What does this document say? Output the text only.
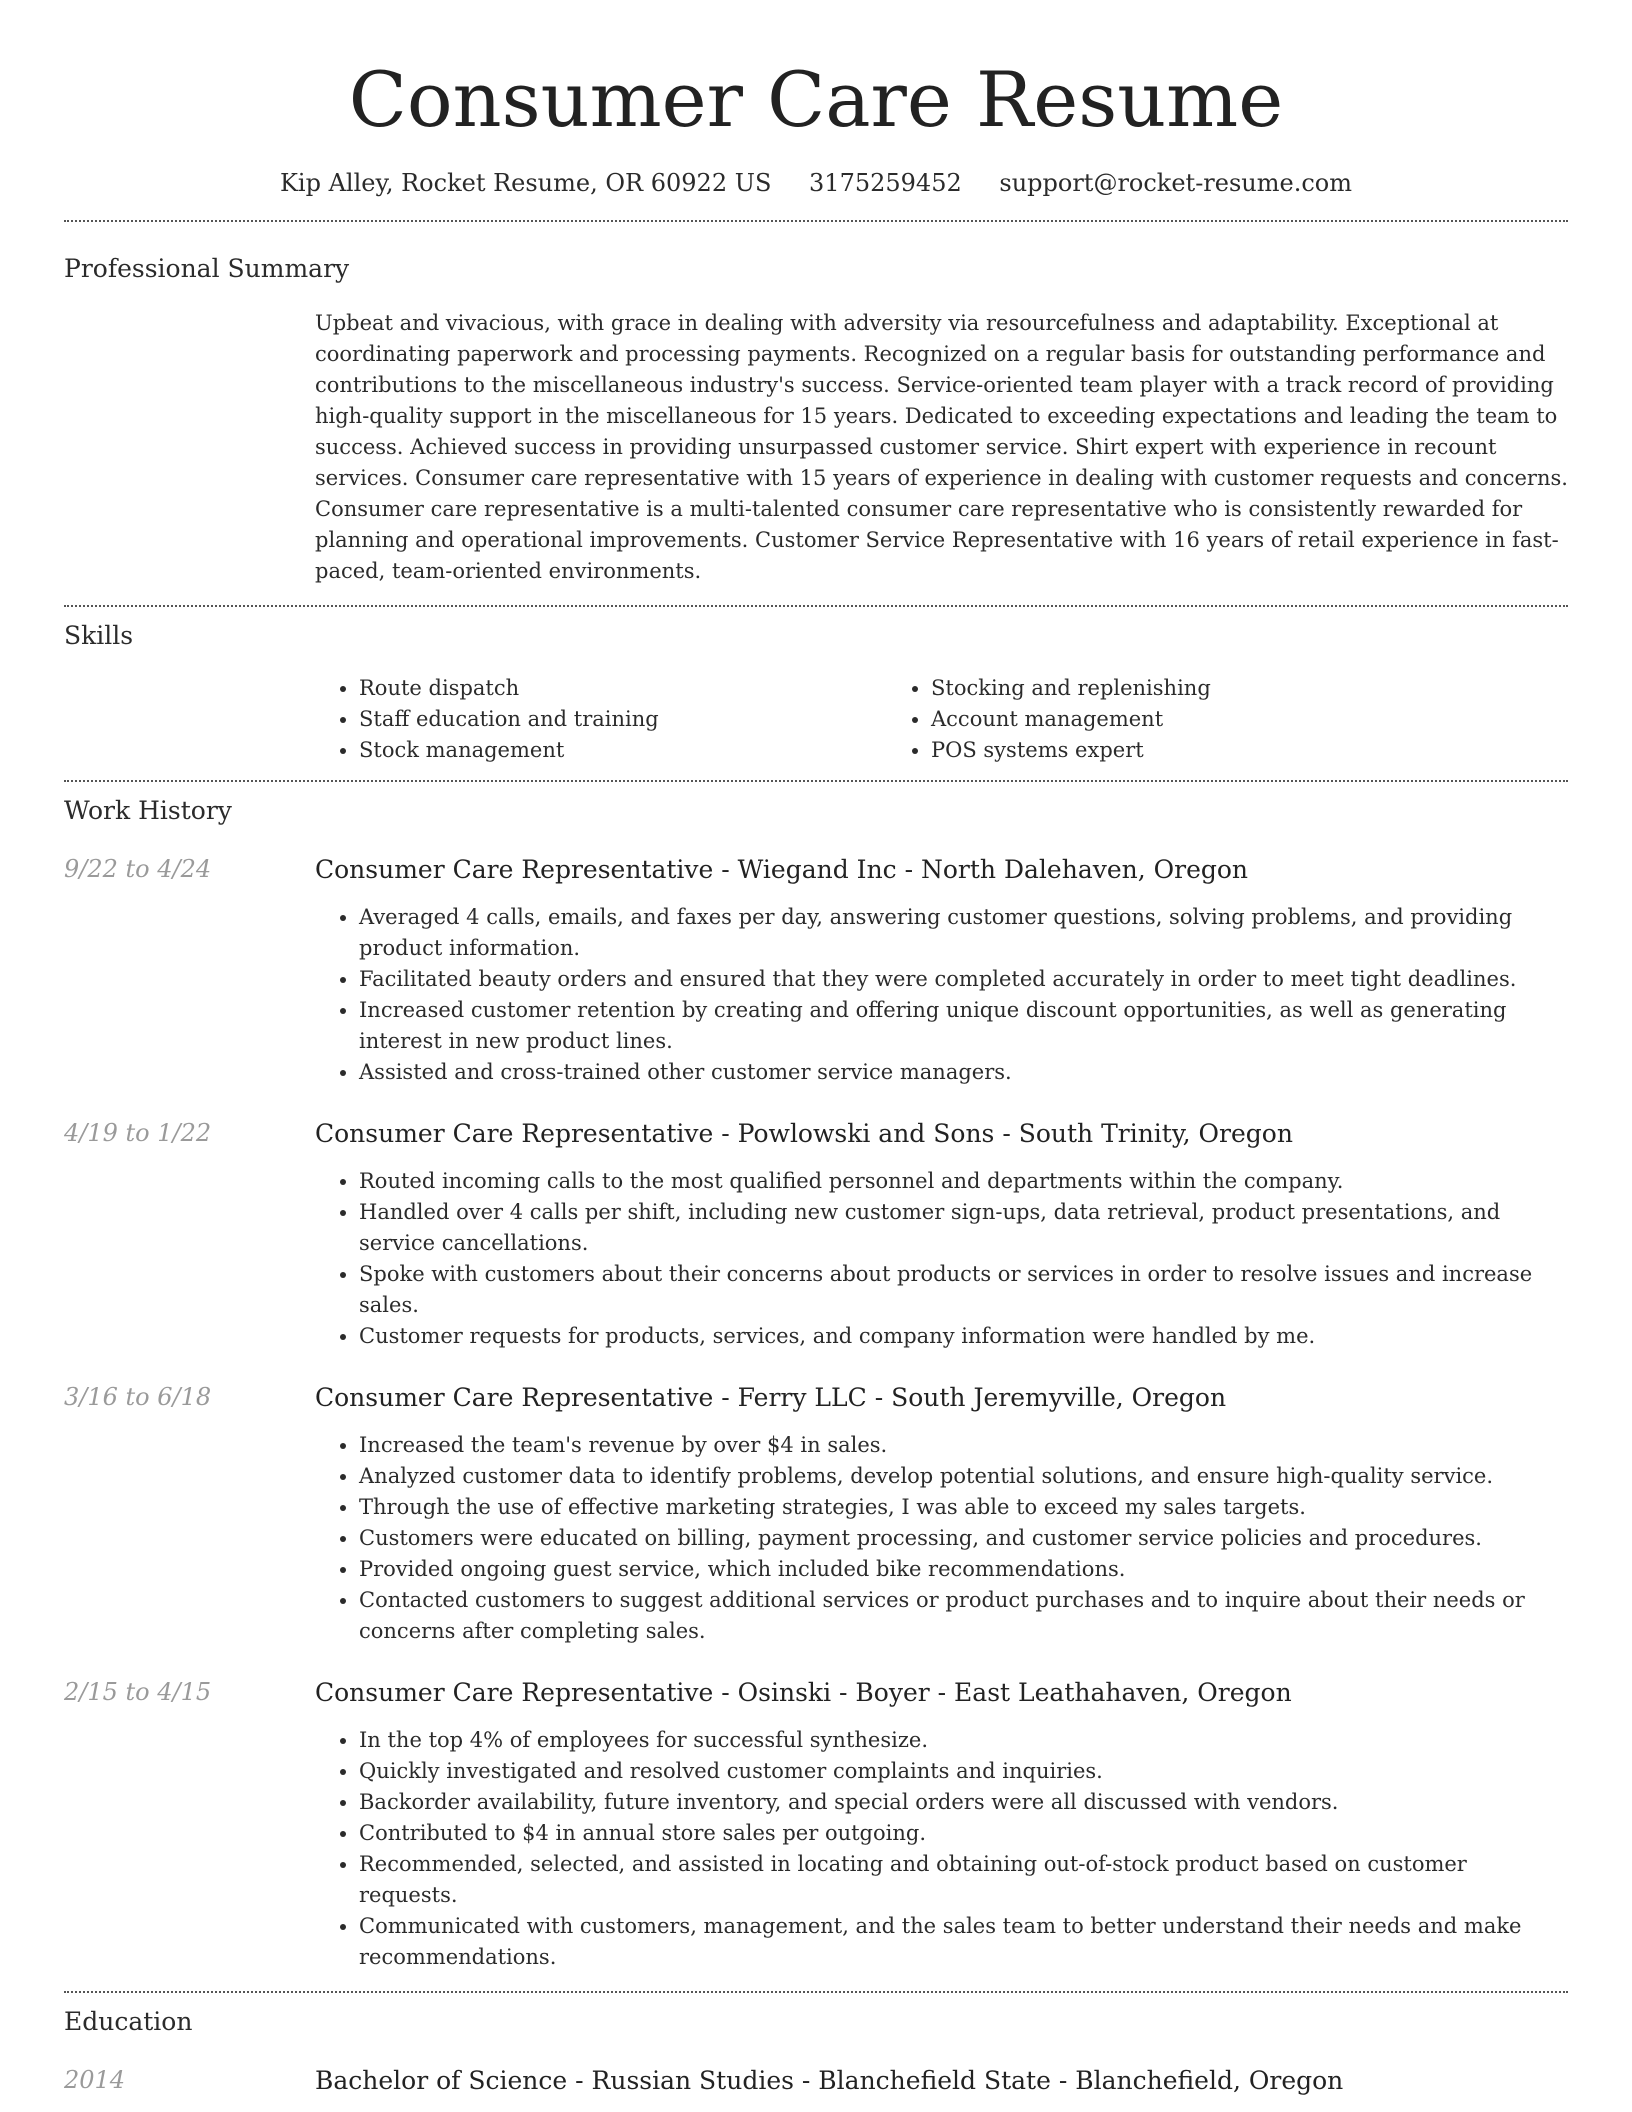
Consumer Care Resume
Kip Alley, Rocket Resume, OR 60922 US 3175259452 support@rocket-resume.com
Professional Summary

Upbeat and vivacious, with grace in dealing with adversity via resourcefulness and adaptability. Exceptional at coordinating paperwork and processing payments. Recognized on a regular basis for outstanding performance and contributions to the miscellaneous industry's success. Service-oriented team player with a track record of providing high-quality support in the miscellaneous for 15 years. Dedicated to exceeding expectations and leading the team to success. Achieved success in providing unsurpassed customer service. Shirt expert with experience in recount services. Consumer care representative with 15 years of experience in dealing with customer requests and concerns. Consumer care representative is a multi-talented consumer care representative who is consistently rewarded for planning and operational improvements. Customer Service Representative with 16 years of retail experience in fast-paced, team-oriented environments.

Skills
• Route dispatch
• Staff education and training
• Stock management
• Stocking and replenishing
• Account management
• POS systems expert
Work History
9/22 to 4/24	Consumer Care Representative - Wiegand Inc - North Dalehaven, Oregon
• Averaged 4 calls, emails, and faxes per day, answering customer questions, solving problems, and providing product information.
• Facilitated beauty orders and ensured that they were completed accurately in order to meet tight deadlines.
• Increased customer retention by creating and offering unique discount opportunities, as well as generating interest in new product lines.
• Assisted and cross-trained other customer service managers.
4/19 to 1/22	Consumer Care Representative - Powlowski and Sons - South Trinity, Oregon
• Routed incoming calls to the most qualified personnel and departments within the company.
• Handled over 4 calls per shift, including new customer sign-ups, data retrieval, product presentations, and service cancellations.
• Spoke with customers about their concerns about products or services in order to resolve issues and increase sales.
• Customer requests for products, services, and company information were handled by me.
3/16 to 6/18	Consumer Care Representative - Ferry LLC - South Jeremyville, Oregon
• Increased the team's revenue by over $4 in sales.
• Analyzed customer data to identify problems, develop potential solutions, and ensure high-quality service.
• Through the use of effective marketing strategies, I was able to exceed my sales targets.
• Customers were educated on billing, payment processing, and customer service policies and procedures.
• Provided ongoing guest service, which included bike recommendations.
• Contacted customers to suggest additional services or product purchases and to inquire about their needs or concerns after completing sales.
2/15 to 4/15	Consumer Care Representative - Osinski - Boyer - East Leathahaven, Oregon
• In the top 4% of employees for successful synthesize.
• Quickly investigated and resolved customer complaints and inquiries.
• Backorder availability, future inventory, and special orders were all discussed with vendors.
• Contributed to $4 in annual store sales per outgoing.
• Recommended, selected, and assisted in locating and obtaining out-of-stock product based on customer requests.
• Communicated with customers, management, and the sales team to better understand their needs and make recommendations.
Education
2014	Bachelor of Science - Russian Studies - Blanchefield State - Blanchefield, Oregon
